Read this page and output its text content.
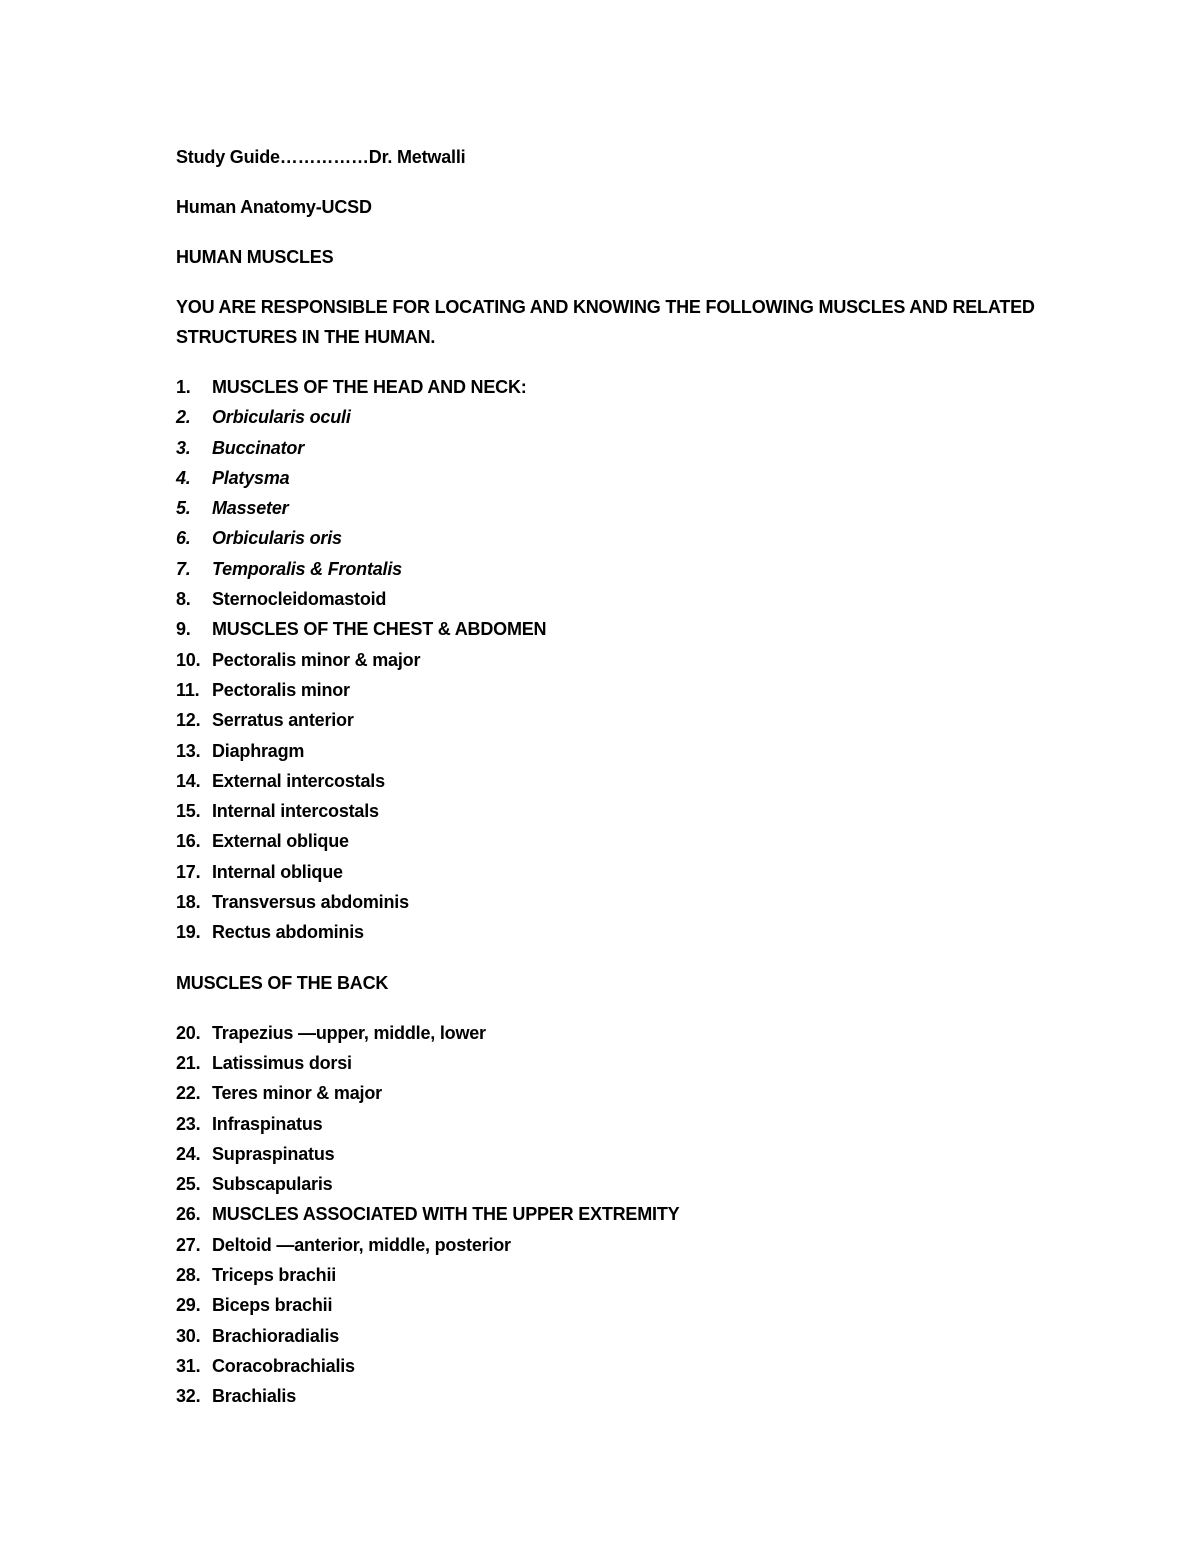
Study Guide……………Dr. Metwalli
Human Anatomy-UCSD
HUMAN MUSCLES
YOU ARE RESPONSIBLE FOR LOCATING AND KNOWING THE FOLLOWING MUSCLES AND RELATED
STRUCTURES IN THE HUMAN.
1.	MUSCLES OF THE HEAD AND NECK:
2.	Orbicularis oculi
3.	Buccinator
4.	Platysma
5.	Masseter
6.	Orbicularis oris
7.	Temporalis & Frontalis
8.	Sternocleidomastoid
9.	MUSCLES OF THE CHEST & ABDOMEN
10. Pectoralis minor & major
11. Pectoralis minor
12. Serratus anterior
13. Diaphragm
14. External intercostals
15. Internal intercostals
16. External oblique
17. Internal oblique
18. Transversus abdominis
19. Rectus abdominis
MUSCLES OF THE BACK
20. Trapezius —upper, middle, lower
21. Latissimus dorsi
22. Teres minor & major
23. Infraspinatus
24. Supraspinatus
25. Subscapularis
26. MUSCLES ASSOCIATED WITH THE UPPER EXTREMITY
27. Deltoid —anterior, middle, posterior
28. Triceps brachii
29. Biceps brachii
30. Brachioradialis
31. Coracobrachialis
32. Brachialis
